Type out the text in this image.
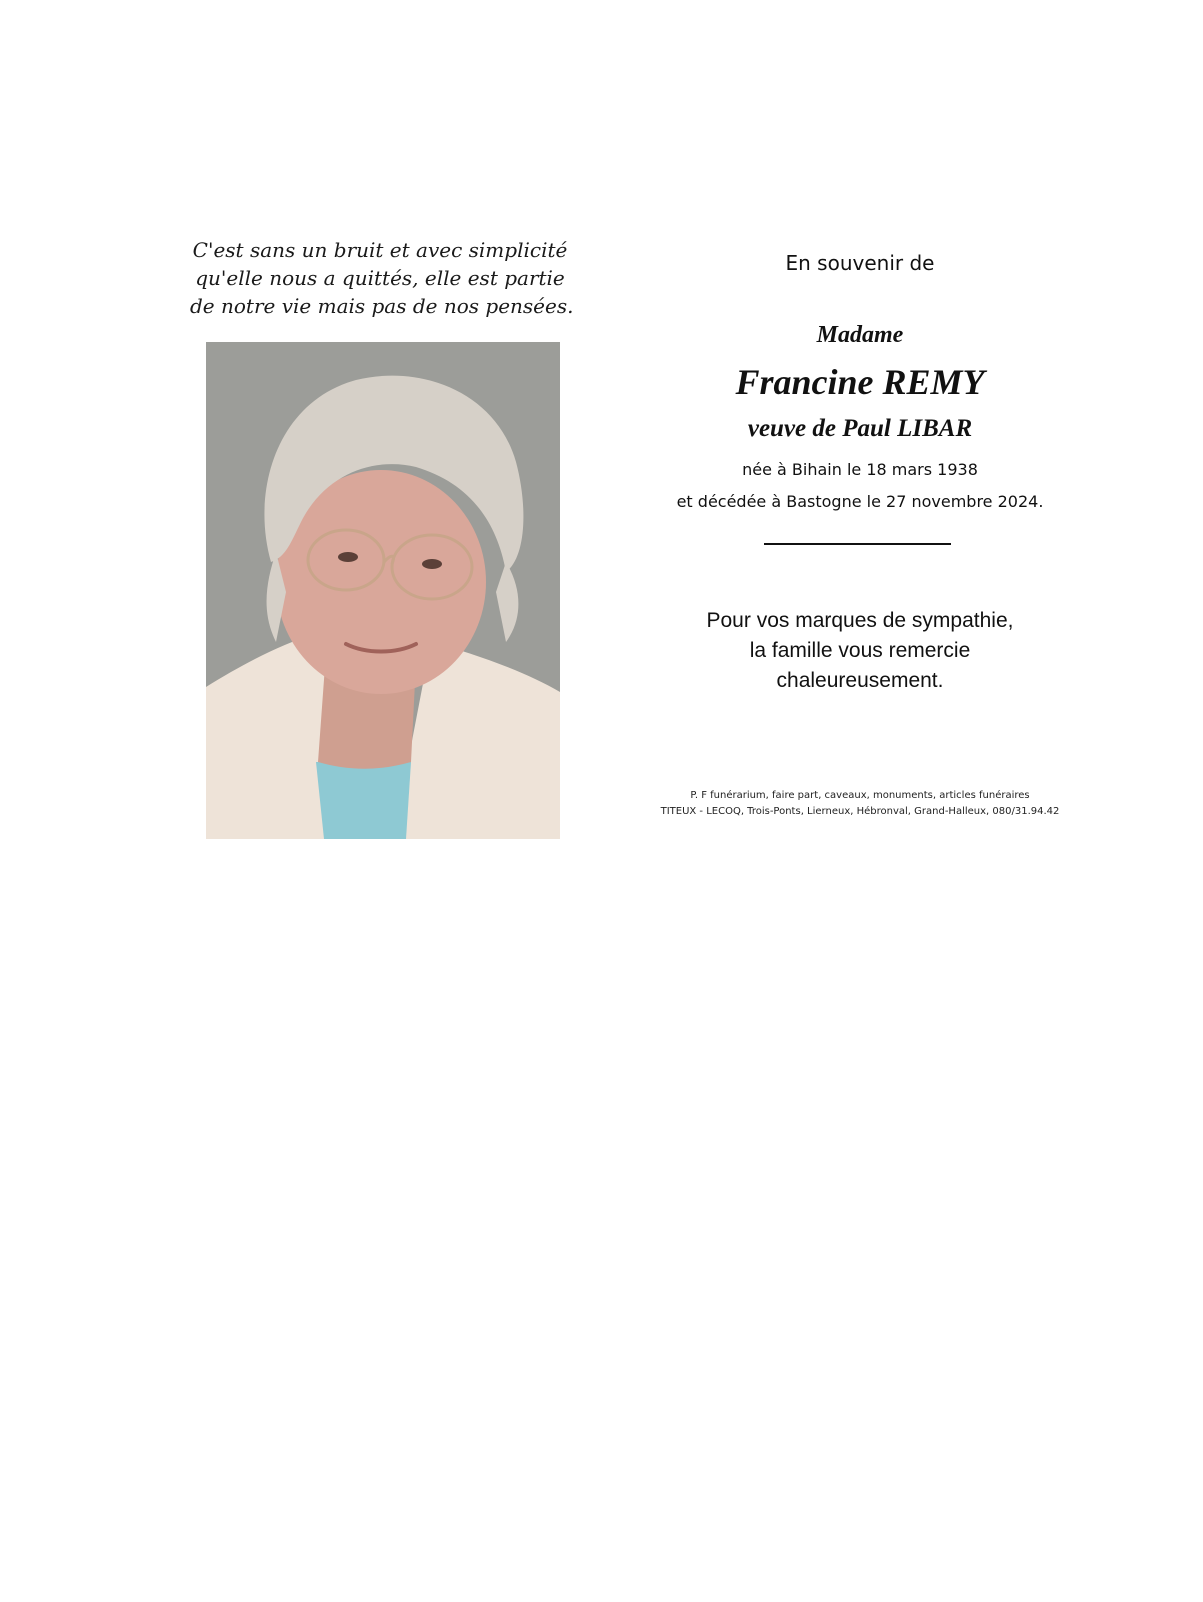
C'est sans un bruit et avec simplicité
qu'elle nous a quittés, elle est partie
de notre vie mais pas de nos pensées.
En souvenir de
Madame
Francine REMY
veuve de Paul LIBAR
née à Bihain le 18 mars 1938
et décédée à Bastogne le 27 novembre 2024.
Pour vos marques de sympathie,
la famille vous remercie
chaleureusement.
P. F funérarium, faire part, caveaux, monuments, articles funéraires
TITEUX - LECOQ, Trois-Ponts, Lierneux, Hébronval, Grand-Halleux, 080/31.94.42
